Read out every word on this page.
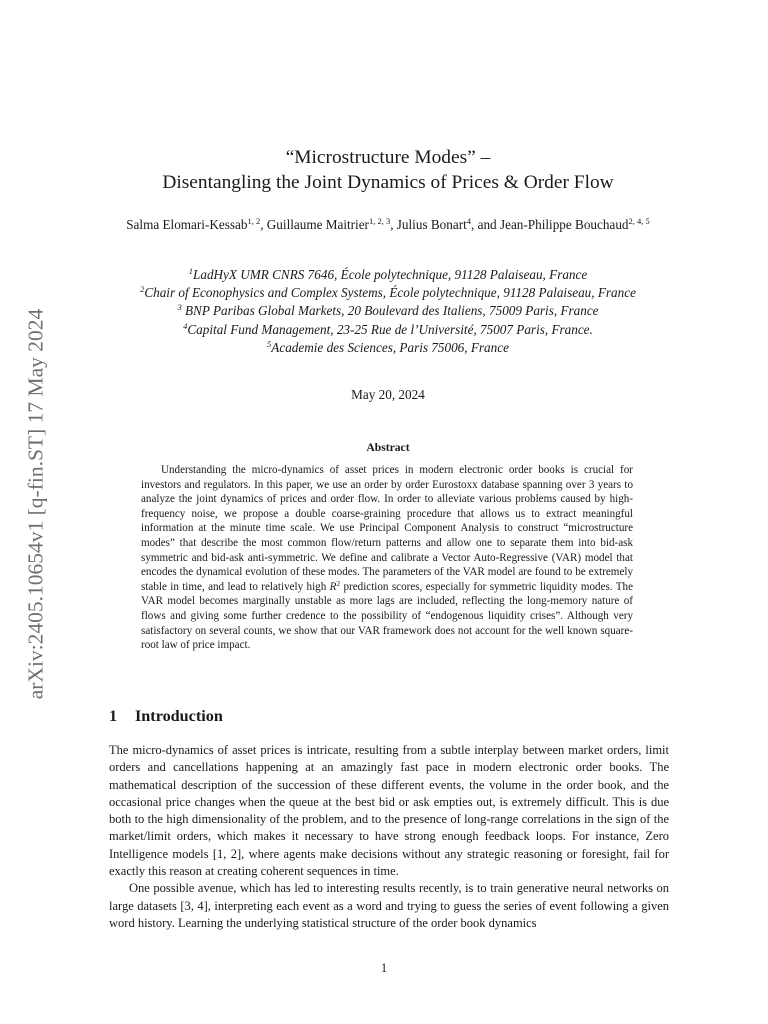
arXiv:2405.10654v1 [q-fin.ST] 17 May 2024
“Microstructure Modes” –
Disentangling the Joint Dynamics of Prices & Order Flow
Salma Elomari-Kessab$^{1, 2}$, Guillaume Maitrier$^{1, 2, 3}$, Julius Bonart$^4$, and Jean-Philippe Bouchaud$^{2, 4, 5}$
$^1$LadHyX UMR CNRS 7646, École polytechnique, 91128 Palaiseau, France
$^2$Chair of Econophysics and Complex Systems, École polytechnique, 91128 Palaiseau, France
$^3$ BNP Paribas Global Markets, 20 Boulevard des Italiens, 75009 Paris, France
$^4$Capital Fund Management, 23-25 Rue de l’Université, 75007 Paris, France.
$^5$Academie des Sciences, Paris 75006, France
May 20, 2024
Abstract
Understanding the micro-dynamics of asset prices in modern electronic order books is crucial for investors and regulators. In this paper, we use an order by order Eurostoxx database spanning over 3 years to analyze the joint dynamics of prices and order flow. In order to alleviate various problems caused by high-frequency noise, we propose a double coarse-graining procedure that allows us to extract meaningful information at the minute time scale. We use Principal Component Analysis to construct “microstructure modes” that describe the most common flow/return patterns and allow one to separate them into bid-ask symmetric and bid-ask anti-symmetric. We define and calibrate a Vector Auto-Regressive (VAR) model that encodes the dynamical evolution of these modes. The parameters of the VAR model are found to be extremely stable in time, and lead to relatively high $R^2$ prediction scores, especially for symmetric liquidity modes. The VAR model becomes marginally unstable as more lags are included, reflecting the long-memory nature of flows and giving some further credence to the possibility of “endogenous liquidity crises”. Although very satisfactory on several counts, we show that our VAR framework does not account for the well known square-root law of price impact.
1 Introduction

The micro-dynamics of asset prices is intricate, resulting from a subtle interplay between market orders, limit orders and cancellations happening at an amazingly fast pace in modern electronic order books. The mathematical description of the succession of these different events, the volume in the order book, and the occasional price changes when the queue at the best bid or ask empties out, is extremely difficult. This is due both to the high dimensionality of the problem, and to the presence of long-range correlations in the sign of the market/limit orders, which makes it necessary to have strong enough feedback loops. For instance, Zero Intelligence models [1, 2], where agents make decisions without any strategic reasoning or foresight, fail for exactly this reason at creating coherent sequences in time.

One possible avenue, which has led to interesting results recently, is to train generative neural networks on large datasets [3, 4], interpreting each event as a word and trying to guess the series of event following a given word history. Learning the underlying statistical structure of the order book dynamics

1
